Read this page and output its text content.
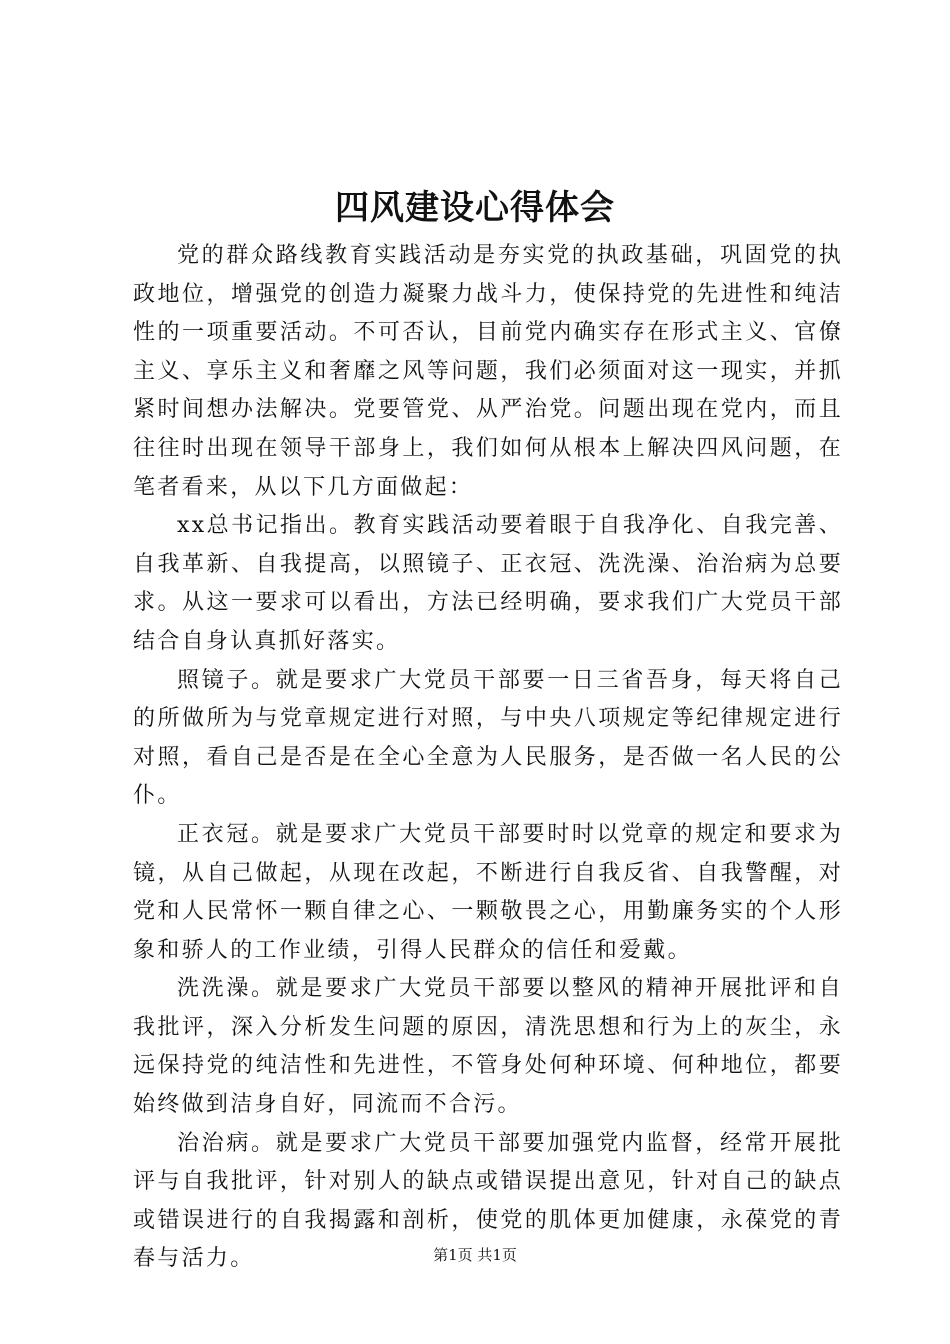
四风建设心得体会

党的群众路线教育实践活动是夯实党的执政基础，巩固党的执政地位，增强党的创造力凝聚力战斗力，使保持党的先进性和纯洁性的一项重要活动。不可否认，目前党内确实存在形式主义、官僚主义、享乐主义和奢靡之风等问题，我们必须面对这一现实，并抓紧时间想办法解决。党要管党、从严治党。问题出现在党内，而且往往时出现在领导干部身上，我们如何从根本上解决四风问题，在笔者看来，从以下几方面做起：

xx总书记指出。教育实践活动要着眼于自我净化、自我完善、自我革新、自我提高，以照镜子、正衣冠、洗洗澡、治治病为总要求。从这一要求可以看出，方法已经明确，要求我们广大党员干部结合自身认真抓好落实。

照镜子。就是要求广大党员干部要一日三省吾身，每天将自己的所做所为与党章规定进行对照，与中央八项规定等纪律规定进行对照，看自己是否是在全心全意为人民服务，是否做一名人民的公仆。

正衣冠。就是要求广大党员干部要时时以党章的规定和要求为镜，从自己做起，从现在改起，不断进行自我反省、自我警醒，对党和人民常怀一颗自律之心、一颗敬畏之心，用勤廉务实的个人形象和骄人的工作业绩，引得人民群众的信任和爱戴。

洗洗澡。就是要求广大党员干部要以整风的精神开展批评和自我批评，深入分析发生问题的原因，清洗思想和行为上的灰尘，永远保持党的纯洁性和先进性，不管身处何种环境、何种地位，都要始终做到洁身自好，同流而不合污。

治治病。就是要求广大党员干部要加强党内监督，经常开展批评与自我批评，针对别人的缺点或错误提出意见，针对自己的缺点或错误进行的自我揭露和剖析，使党的肌体更加健康，永葆党的青春与活力。	第1页 共1页
